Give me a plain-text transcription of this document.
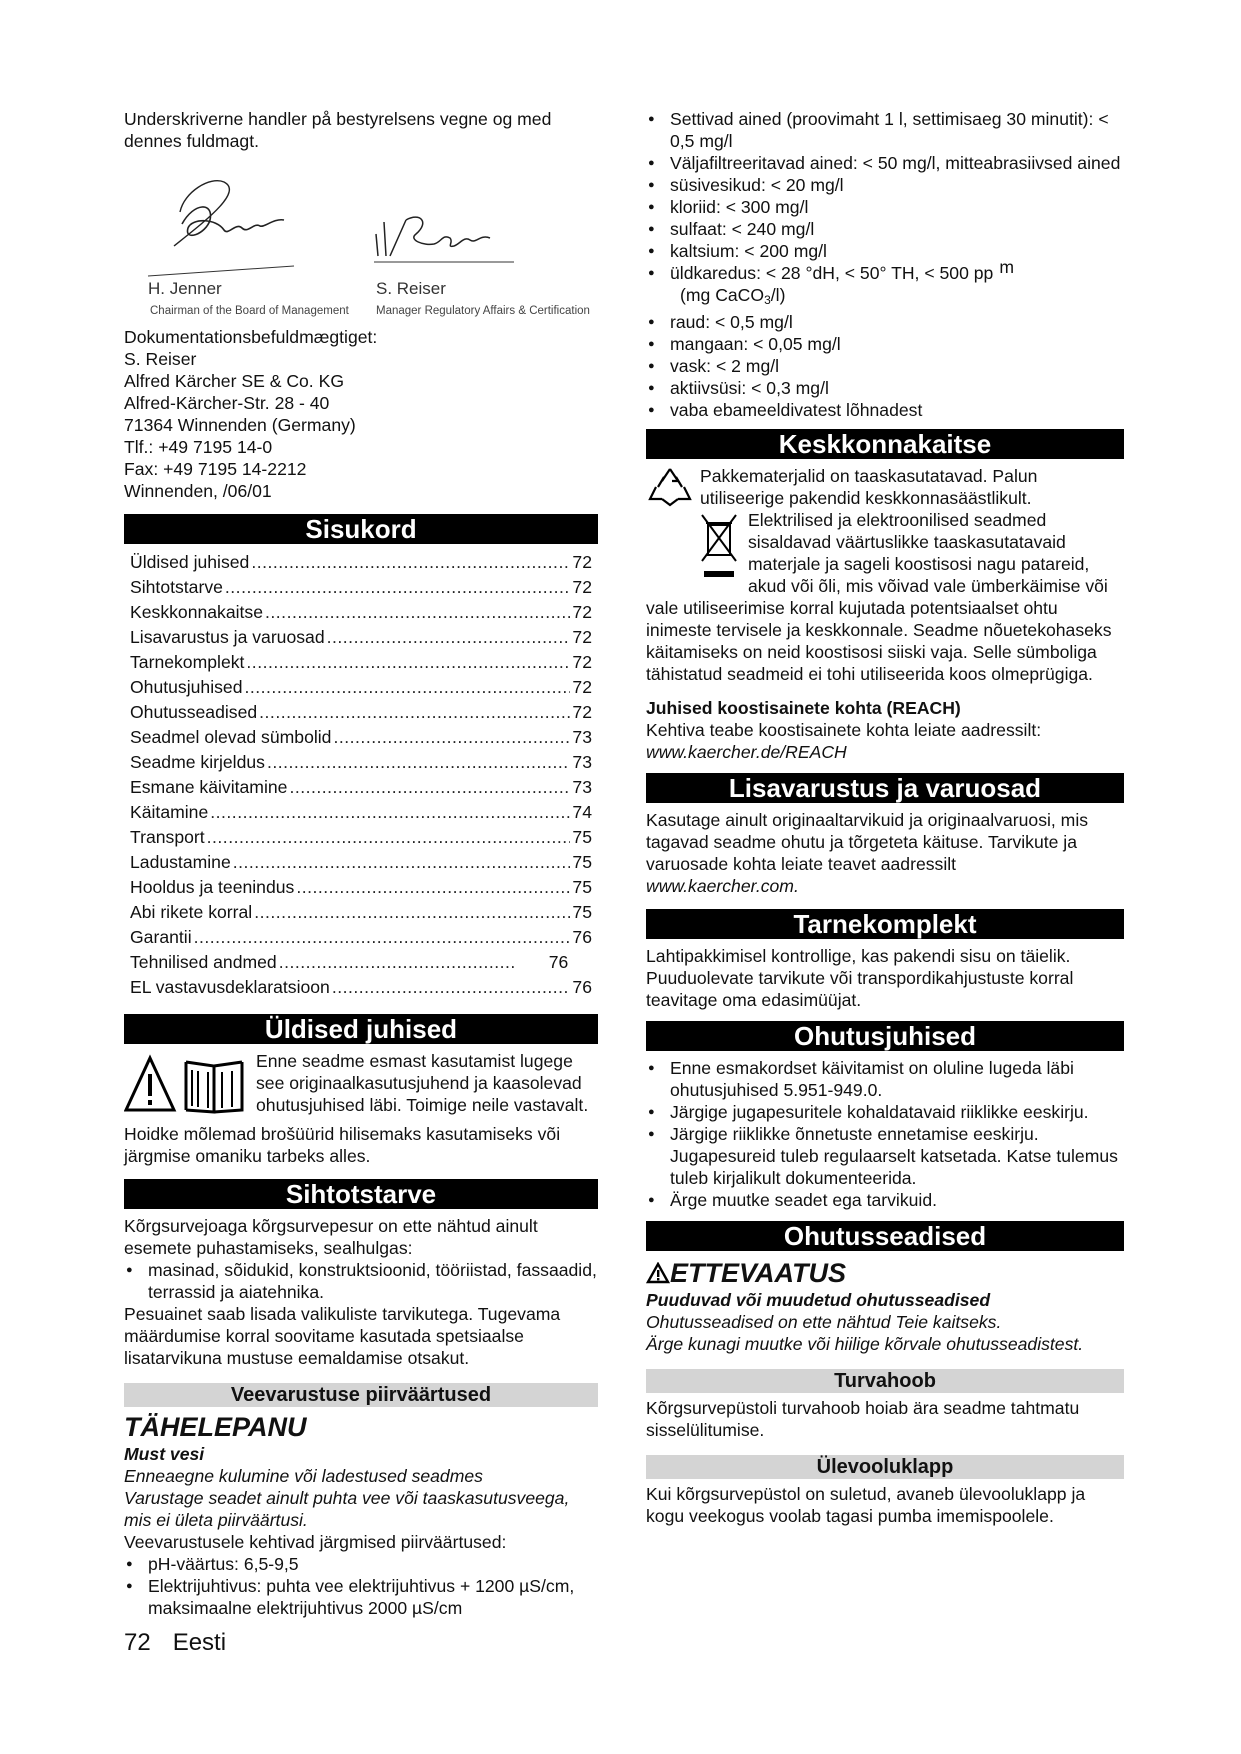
Underskriverne handler på bestyrelsens vegne og med dennes fuldmagt.

H. Jenner
Chairman of the Board of Management
S. Reiser
Manager Regulatory Affairs & Certification

Dokumentationsbefuldmægtiget:

S. Reiser

Alfred Kärcher SE & Co. KG

Alfred-Kärcher-Str. 28 - 40

71364 Winnenden (Germany)

Tlf.: +49 7195 14-0

Fax: +49 7195 14-2212

Winnenden, /06/01

Sisukord
Üldised juhised .....	72
Sihtotstarve .....	72
Keskkonnakaitse .....	72
Lisavarustus ja varuosad .....	72
Tarnekomplekt .....	72
Ohutusjuhised .....	72
Ohutusseadised .....	72
Seadmel olevad sümbolid .....	73
Seadme kirjeldus .....	73
Esmane käivitamine .....	73
Käitamine .....	74
Transport .....	75
Ladustamine .....	75
Hooldus ja teenindus .....	75
Abi rikete korral .....	75
Garantii .....	76
Tehnilised andmed .....	76
EL vastavusdeklaratsioon .....	76
Üldised juhised

Enne seadme esmast kasutamist lugege see originaalkasutusjuhend ja kaasolevad ohutusjuhised läbi. Toimige neile vastavalt.

Hoidke mõlemad brošüürid hilisemaks kasutamiseks või järgmise omaniku tarbeks alles.

Sihtotstarve

Kõrgsurvejoaga kõrgsurvepesur on ette nähtud ainult esemete puhastamiseks, sealhulgas:

● masinad, sõidukid, konstruktsioonid, tööriistad, fassaadid, terrassid ja aiatehnika.

Pesuainet saab lisada valikuliste tarvikutega. Tugevama määrdumise korral soovitame kasutada spetsiaalse lisatarvikuna mustuse eemaldamise otsakut.

Veevarustuse piirväärtused
TÄHELEPANU

Must vesi

Enneaegne kulumine või ladestused seadmes

Varustage seadet ainult puhta vee või taaskasutusveega, mis ei ületa piirväärtusi.

Veevarustusele kehtivad järgmised piirväärtused:

● pH-väärtus: 6,5-9,5
● Elektrijuhtivus: puhta vee elektrijuhtivus + 1200 µS/cm, maksimaalne elektrijuhtivus 2000 µS/cm
● Settivad ained (proovimaht 1 l, settimisaeg 30 minutit): < 0,5 mg/l
● Väljafiltreeritavad ained: < 50 mg/l, mitteabrasiivsed ained
● süsivesikud: < 20 mg/l
● kloriid: < 300 mg/l
● sulfaat: < 240 mg/l
● kaltsium: < 200 mg/l
● üldkaredus: < 28 °dH, < 50° TH, < 500 pp m
(mg CaCO$_3$/l)
● raud: < 0,5 mg/l
● mangaan: < 0,05 mg/l
● vask: < 2 mg/l
● aktiivsüsi: < 0,3 mg/l
● vaba ebameeldivatest lõhnadest
Keskkonnakaitse

Pakkematerjalid on taaskasutatavad. Palun utiliseerige pakendid keskkonnasäästlikult.

Elektrilised ja elektroonilised seadmed sisaldavad väärtuslikke taaskasutatavaid materjale ja sageli koostisosi nagu patareid, akud või õli, mis võivad vale ümberkäimise või vale utiliseerimise korral kujutada potentsiaalset ohtu inimeste tervisele ja keskkonnale. Seadme nõuetekohaseks käitamiseks on neid koostisosi siiski vaja. Selle sümboliga tähistatud seadmeid ei tohi utiliseerida koos olmeprügiga.

Juhised koostisainete kohta (REACH)

Kehtiva teabe koostisainete kohta leiate aadressilt:

www.kaercher.de/REACH

Lisavarustus ja varuosad

Kasutage ainult originaaltarvikuid ja originaalvaruosi, mis tagavad seadme ohutu ja tõrgeteta käituse. Tarvikute ja varuosade kohta leiate teavet aadressilt

www.kaercher.com.

Tarnekomplekt

Lahtipakkimisel kontrollige, kas pakendi sisu on täielik. Puuduolevate tarvikute või transpordikahjustuste korral teavitage oma edasimüüjat.

Ohutusjuhised
● Enne esmakordset käivitamist on oluline lugeda läbi ohutusjuhised 5.951-949.0.
● Järgige jugapesuritele kohaldatavaid riiklikke eeskirju.
● Järgige riiklikke õnnetuste ennetamise eeskirju. Jugapesureid tuleb regulaarselt katsetada. Katse tulemus tuleb kirjalikult dokumenteerida.
● Ärge muutke seadet ega tarvikuid.
Ohutusseadised
ETTEVAATUS

Puuduvad või muudetud ohutusseadised

Ohutusseadised on ette nähtud Teie kaitseks.

Ärge kunagi muutke või hiilige kõrvale ohutusseadistest.

Turvahoob

Kõrgsurvepüstoli turvahoob hoiab ära seadme tahtmatu sisselülitumise.

Ülevooluklapp

Kui kõrgsurvepüstol on suletud, avaneb ülevooluklapp ja kogu veekogus voolab tagasi pumba imemispoolele.

72 Eesti
